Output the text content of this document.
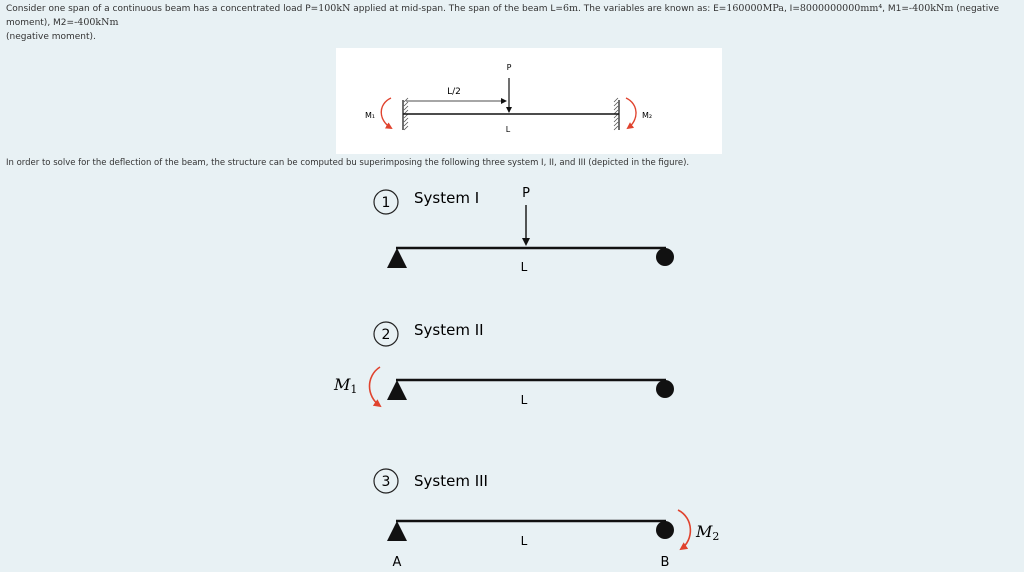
Consider one span of a continuous beam has a concentrated load P=100kN applied at mid-span. The span of the beam L=6m. The variables are known as: E=160000MPa, I=8000000000mm⁴, M1=-400kNm (negative moment), M2=-400kNm
(negative moment).
L/2
P
L
M₁	M₂
In order to solve for the deflection of the beam, the structure can be computed bu superimposing the following three system I, II, and III (depicted in the figure).
1 System I	P
L
2 System II
M1
L
3 System III
L	M2
A	B
